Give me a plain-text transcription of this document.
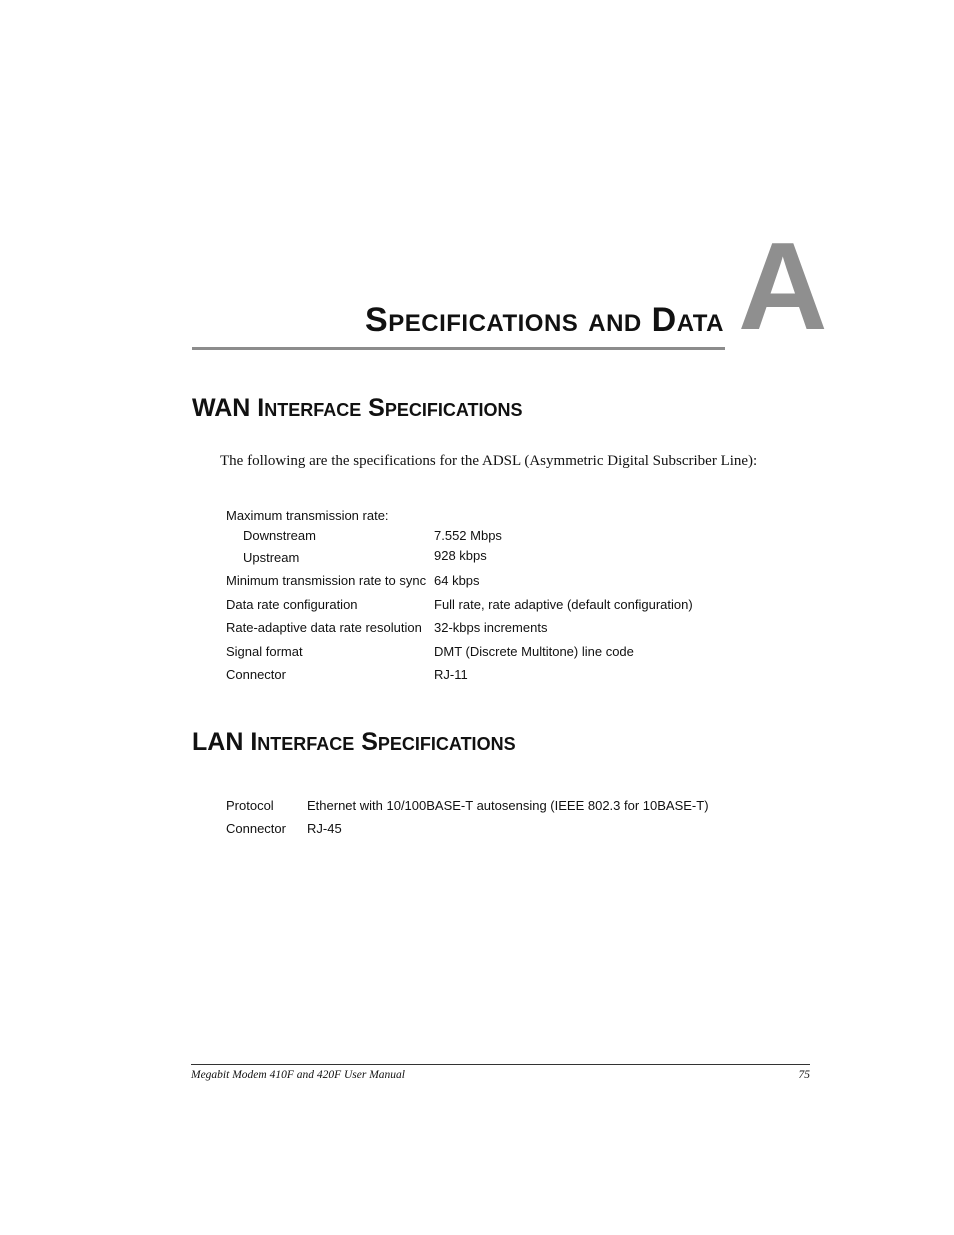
Specifications and Data A
WAN Interface Specifications
The following are the specifications for the ADSL (Asymmetric Digital Subscriber Line):
Maximum transmission rate:
Downstream	7.552 Mbps
Upstream	928 kbps
Minimum transmission rate to sync 64 kbps
Data rate configuration	Full rate, rate adaptive (default configuration)
Rate-adaptive data rate resolution 32-kbps increments
Signal format	DMT (Discrete Multitone) line code
Connector	RJ-11
LAN Interface Specifications
Protocol	Ethernet with 10/100BASE-T autosensing (IEEE 802.3 for 10BASE-T)
Connector RJ-45
Megabit Modem 410F and 420F User Manual	75
